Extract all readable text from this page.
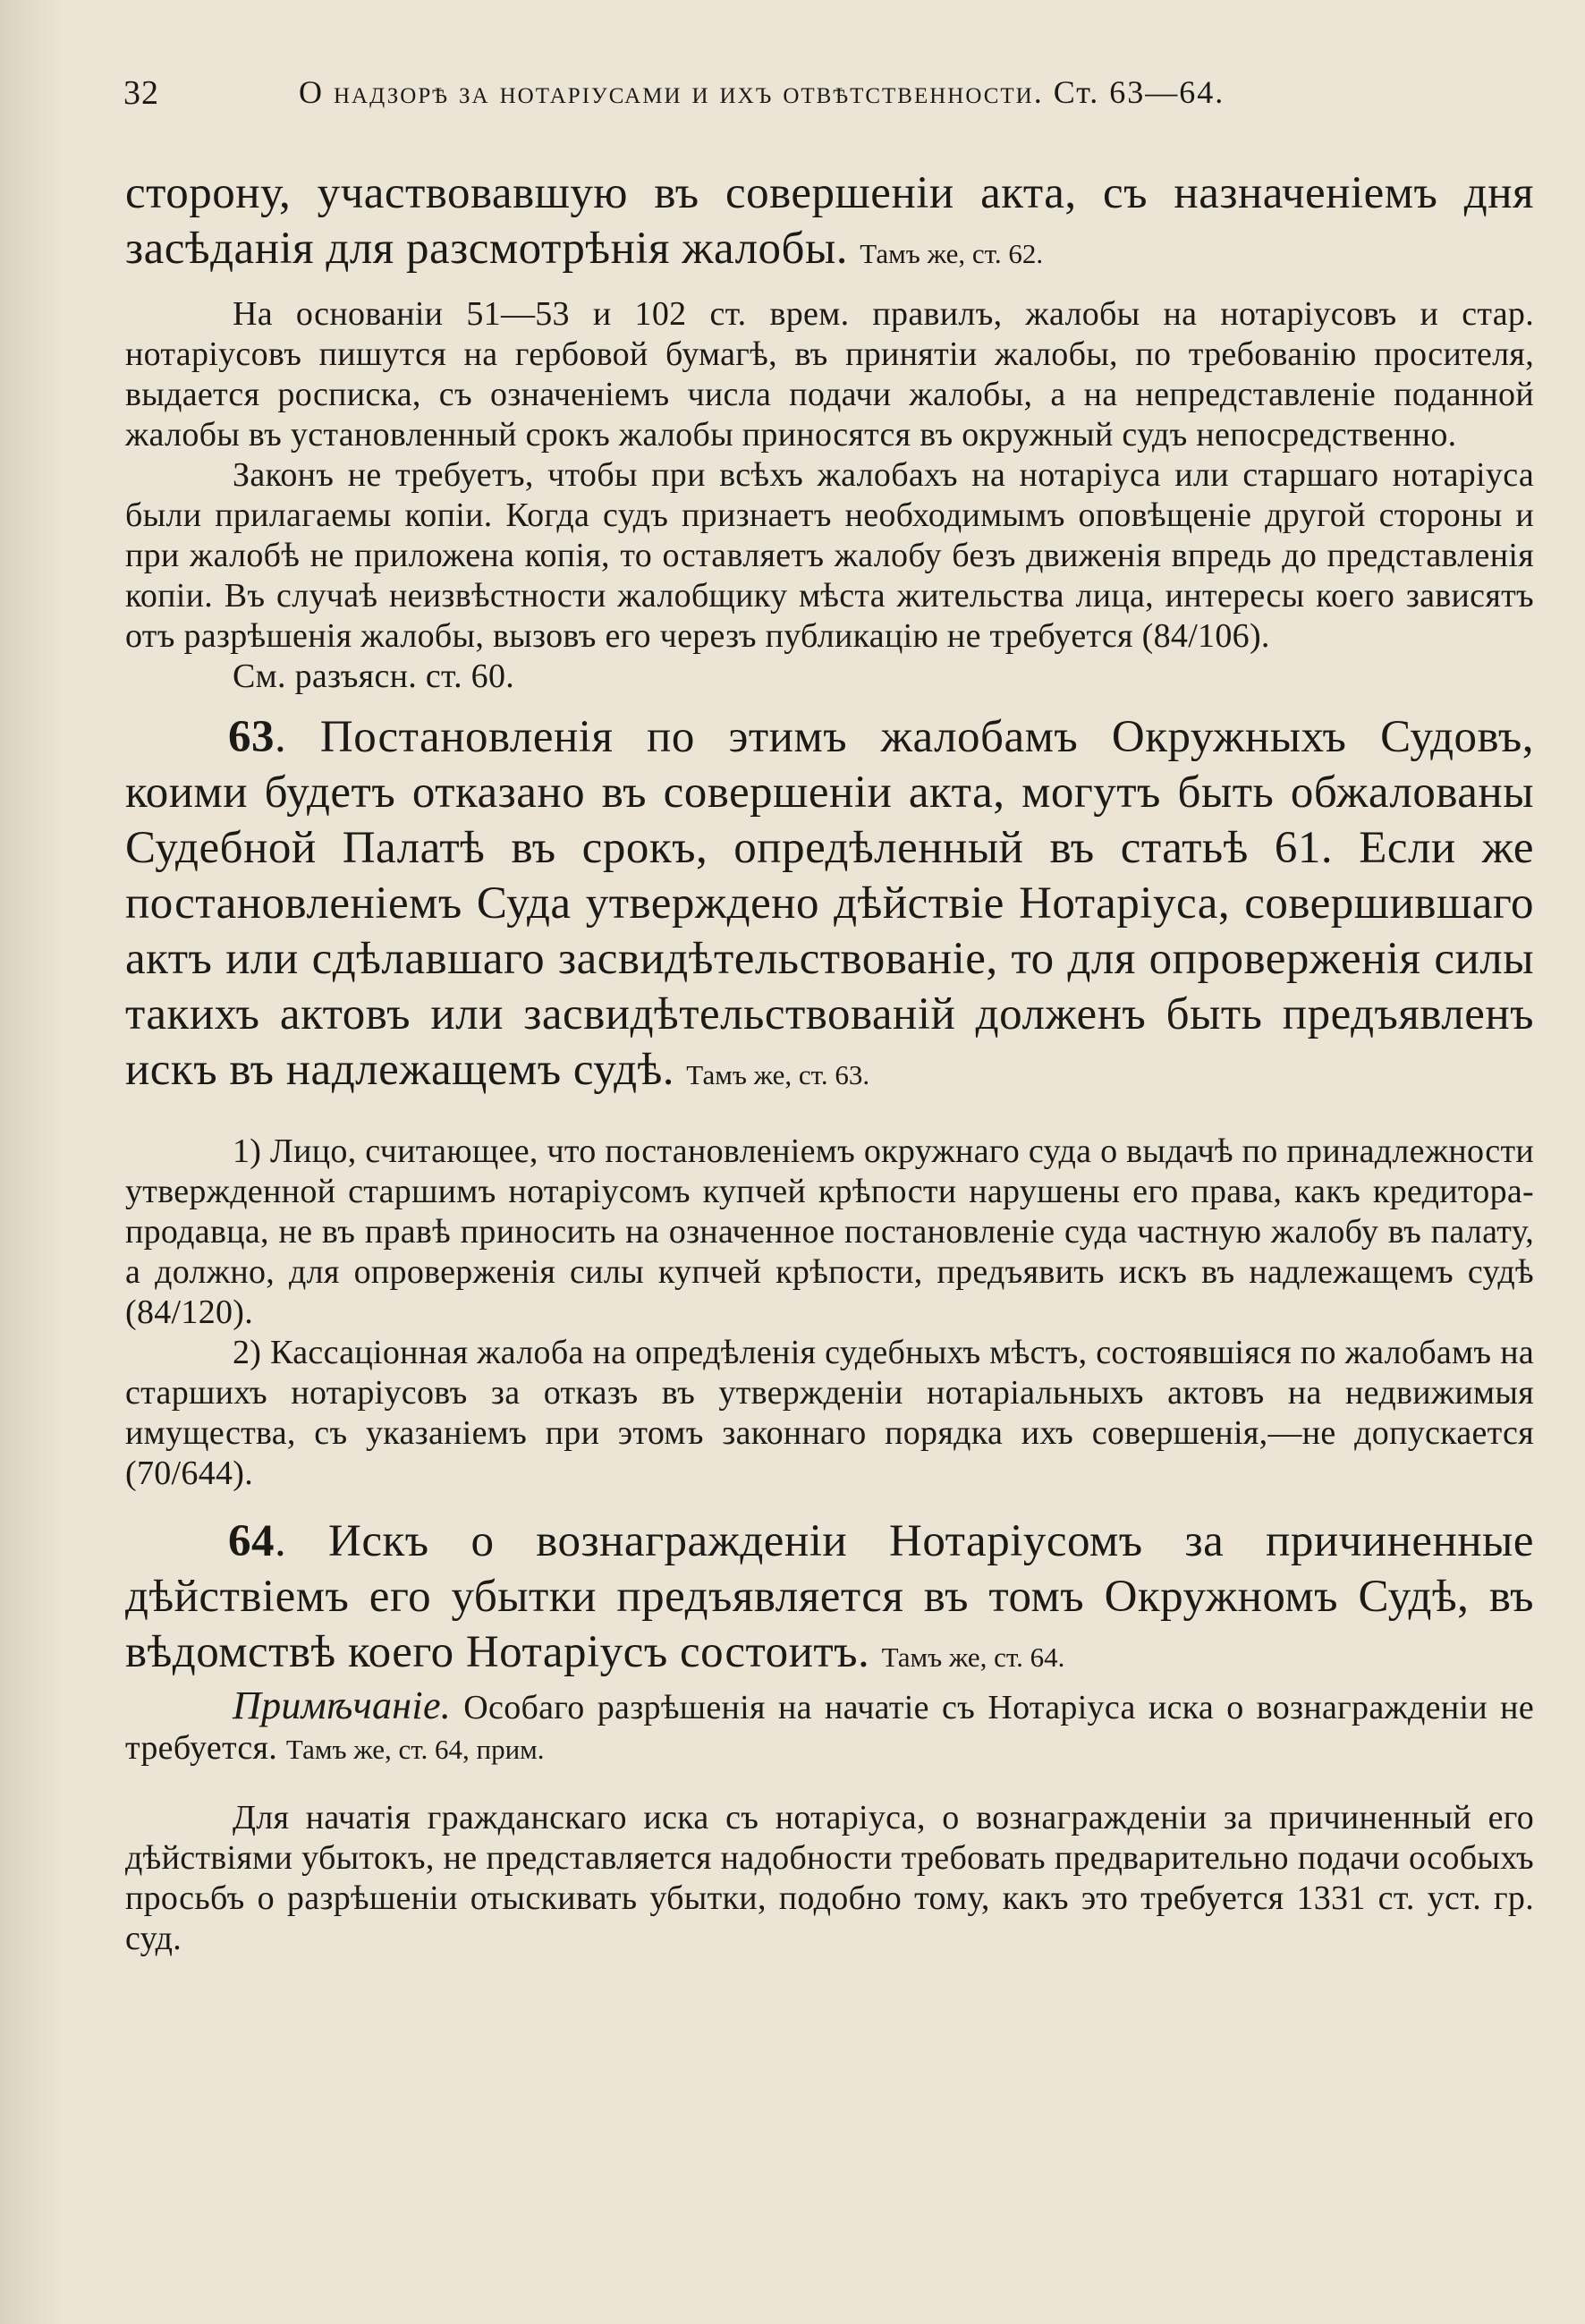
32	О надзорѣ за нотаріусами и ихъ отвѣтственности. Ст. 63—64.

сторону, участвовавшую въ совершеніи акта, съ назначеніемъ дня засѣданія для разсмотрѣнія жалобы. Тамъ же, ст. 62.

На основаніи 51—53 и 102 ст. врем. правилъ, жалобы на нотаріусовъ и стар. нотаріусовъ пишутся на гербовой бумагѣ, въ принятіи жалобы, по требованію просителя, выдается росписка, съ означеніемъ числа подачи жалобы, а на непредставленіе поданной жалобы въ установленный срокъ жалобы приносятся въ окружный судъ непосредственно.

Законъ не требуетъ, чтобы при всѣхъ жалобахъ на нотаріуса или старшаго нотаріуса были прилагаемы копіи. Когда судъ признаетъ необходимымъ оповѣщеніе другой стороны и при жалобѣ не приложена копія, то оставляетъ жалобу безъ движенія впредь до представленія копіи. Въ случаѣ неизвѣстности жалобщику мѣста жительства лица, интересы коего зависятъ отъ разрѣшенія жалобы, вызовъ его черезъ публикацію не требуется (84/106).

См. разъясн. ст. 60.

63. Постановленія по этимъ жалобамъ Окружныхъ Судовъ, коими будетъ отказано въ совершеніи акта, могутъ быть обжалованы Судебной Палатѣ въ срокъ, опредѣленный въ статьѣ 61. Если же постановленіемъ Суда утверждено дѣйствіе Нотаріуса, совершившаго актъ или сдѣлавшаго засвидѣтельствованіе, то для опроверженія силы такихъ актовъ или засвидѣтельствованій долженъ быть предъявленъ искъ въ надлежащемъ судѣ. Тамъ же, ст. 63.

1) Лицо, считающее, что постановленіемъ окружнаго суда о выдачѣ по принадлежности утвержденной старшимъ нотаріусомъ купчей крѣпости нарушены его права, какъ кредитора-продавца, не въ правѣ приносить на означенное постановленіе суда частную жалобу въ палату, а должно, для опроверженія силы купчей крѣпости, предъявить искъ въ надлежащемъ судѣ (84/120).

2) Кассаціонная жалоба на опредѣленія судебныхъ мѣстъ, состоявшіяся по жалобамъ на старшихъ нотаріусовъ за отказъ въ утвержденіи нотаріальныхъ актовъ на недвижимыя имущества, съ указаніемъ при этомъ законнаго порядка ихъ совершенія,—не допускается (70/644).

64. Искъ о вознагражденіи Нотаріусомъ за причиненные дѣйствіемъ его убытки предъявляется въ томъ Окружномъ Судѣ, въ вѣдомствѣ коего Нотаріусъ состоитъ. Тамъ же, ст. 64.

Примѣчаніе. Особаго разрѣшенія на начатіе съ Нотаріуса иска о вознагражденіи не требуется. Тамъ же, ст. 64, прим.

Для начатія гражданскаго иска съ нотаріуса, о вознагражденіи за причиненный его дѣйствіями убытокъ, не представляется надобности требовать предварительно подачи особыхъ просьбъ о разрѣшеніи отыскивать убытки, подобно тому, какъ это требуется 1331 ст. уст. гр. суд.
